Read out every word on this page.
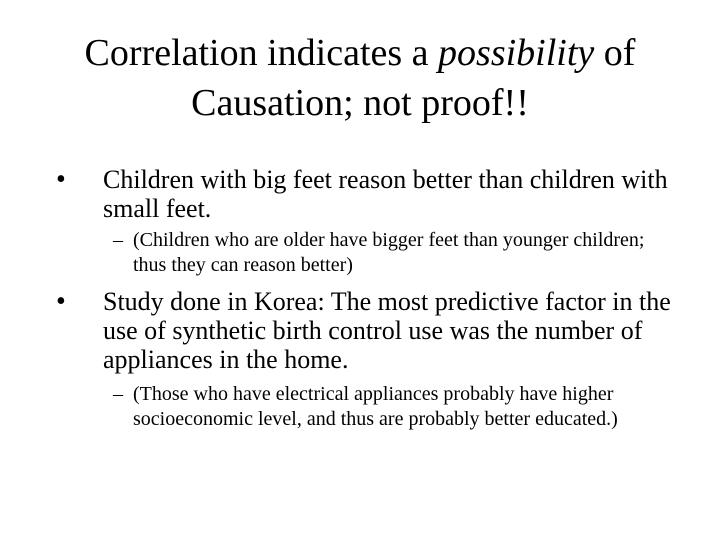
Correlation indicates a possibility of
Causation; not proof!!
• Children with big feet reason better than children with small feet.
– (Children who are older have bigger feet than younger children; thus they can reason better)
• Study done in Korea: The most predictive factor in the use of synthetic birth control use was the number of appliances in the home.
– (Those who have electrical appliances probably have higher socioeconomic level, and thus are probably better educated.)
